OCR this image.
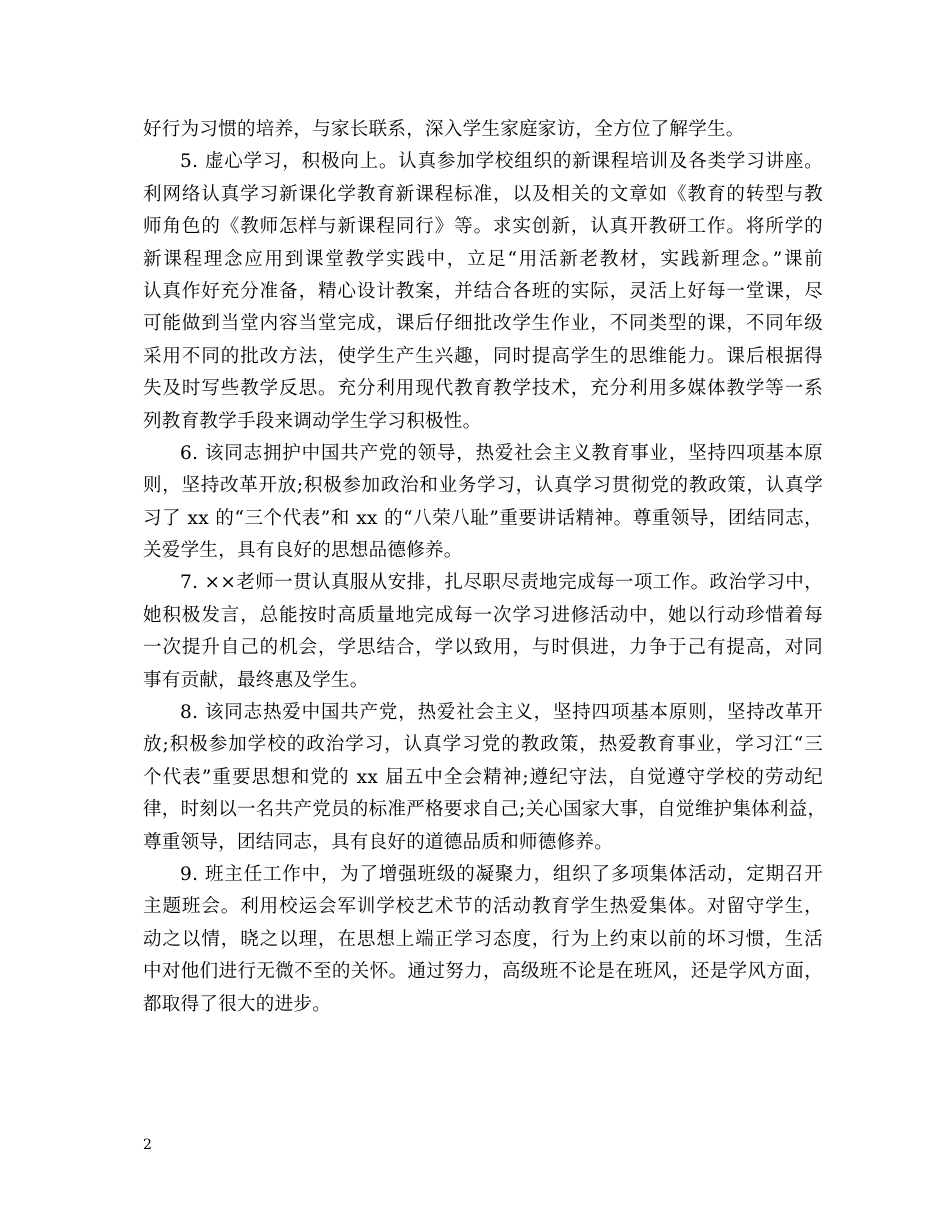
好行为习惯的培养，与家长联系，深入学生家庭家访，全方位了解学生。
5. 虚心学习，积极向上。认真参加学校组织的新课程培训及各类学习讲座。
利网络认真学习新课化学教育新课程标准，以及相关的文章如《教育的转型与教
师角色的《教师怎样与新课程同行》等。求实创新，认真开教研工作。将所学的
新课程理念应用到课堂教学实践中，立足“用活新老教材，实践新理念。”课前
认真作好充分准备，精心设计教案，并结合各班的实际，灵活上好每一堂课，尽
可能做到当堂内容当堂完成，课后仔细批改学生作业，不同类型的课，不同年级
采用不同的批改方法，使学生产生兴趣，同时提高学生的思维能力。课后根据得
失及时写些教学反思。充分利用现代教育教学技术，充分利用多媒体教学等一系
列教育教学手段来调动学生学习积极性。
6. 该同志拥护中国共产党的领导，热爱社会主义教育事业，坚持四项基本原
则，坚持改革开放;积极参加政治和业务学习，认真学习贯彻党的教政策，认真学
习了 xx 的“三个代表”和 xx 的“八荣八耻”重要讲话精神。尊重领导，团结同志，
关爱学生，具有良好的思想品德修养。
7. ××老师一贯认真服从安排，扎尽职尽责地完成每一项工作。政治学习中，
她积极发言，总能按时高质量地完成每一次学习进修活动中，她以行动珍惜着每
一次提升自己的机会，学思结合，学以致用，与时俱进，力争于己有提高，对同
事有贡献，最终惠及学生。
8. 该同志热爱中国共产党，热爱社会主义，坚持四项基本原则，坚持改革开
放;积极参加学校的政治学习，认真学习党的教政策，热爱教育事业，学习江“三
个代表”重要思想和党的 xx 届五中全会精神;遵纪守法，自觉遵守学校的劳动纪
律，时刻以一名共产党员的标准严格要求自己;关心国家大事，自觉维护集体利益，
尊重领导，团结同志，具有良好的道德品质和师德修养。
9. 班主任工作中，为了增强班级的凝聚力，组织了多项集体活动，定期召开
主题班会。利用校运会军训学校艺术节的活动教育学生热爱集体。对留守学生，
动之以情，晓之以理，在思想上端正学习态度，行为上约束以前的坏习惯，生活
中对他们进行无微不至的关怀。通过努力，高级班不论是在班风，还是学风方面，
都取得了很大的进步。
2
